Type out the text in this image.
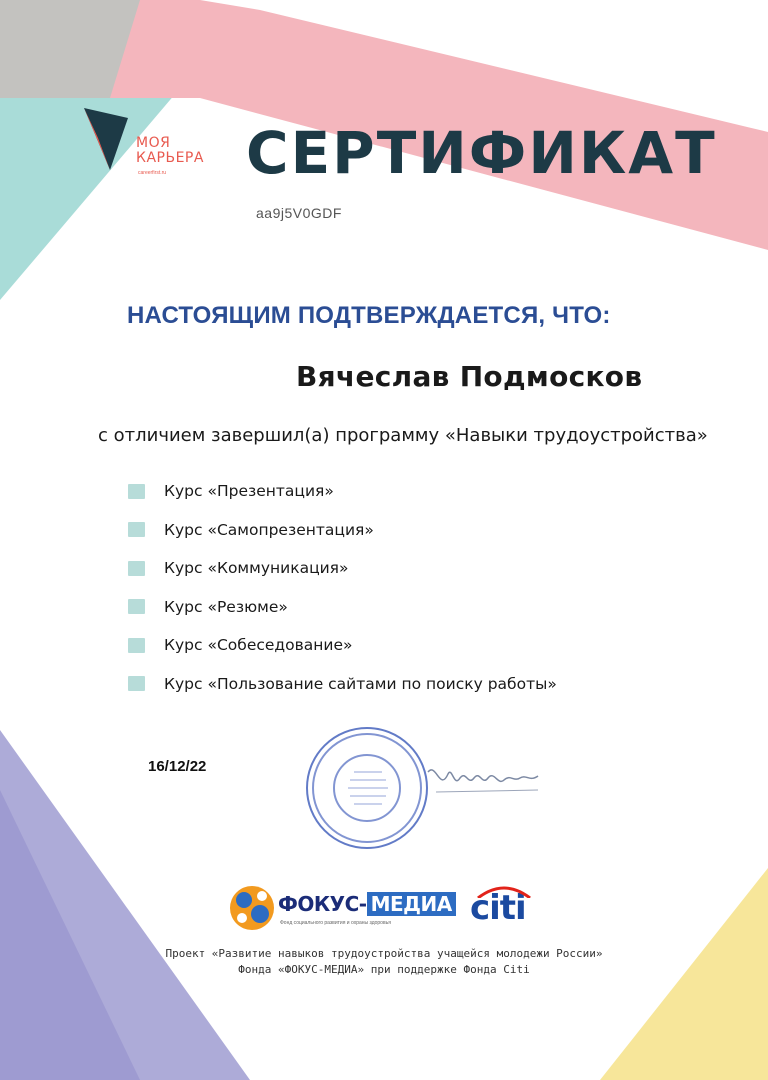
МОЯ
КАРЬЕРА
careerfirst.ru СЕРТИФИКАТ
aa9j5V0GDF
НАСТОЯЩИМ ПОДТВЕРЖДАЕТСЯ, ЧТО:
Вячеслав Подмосков
с отличием завершил(а) программу «Навыки трудоустройства»
Курс «Презентация»
Курс «Самопрезентация»
Курс «Коммуникация»
Курс «Резюме»
Курс «Собеседование»
Курс «Пользование сайтами по поиску работы»
16/12/22
ФОКУС- МЕДИА
Фонд социального развития и охраны здоровья citi
Проект «Развитие навыков трудоустройства учащейся молодежи России»
Фонда «ФОКУС-МЕДИА» при поддержке Фонда Citi
